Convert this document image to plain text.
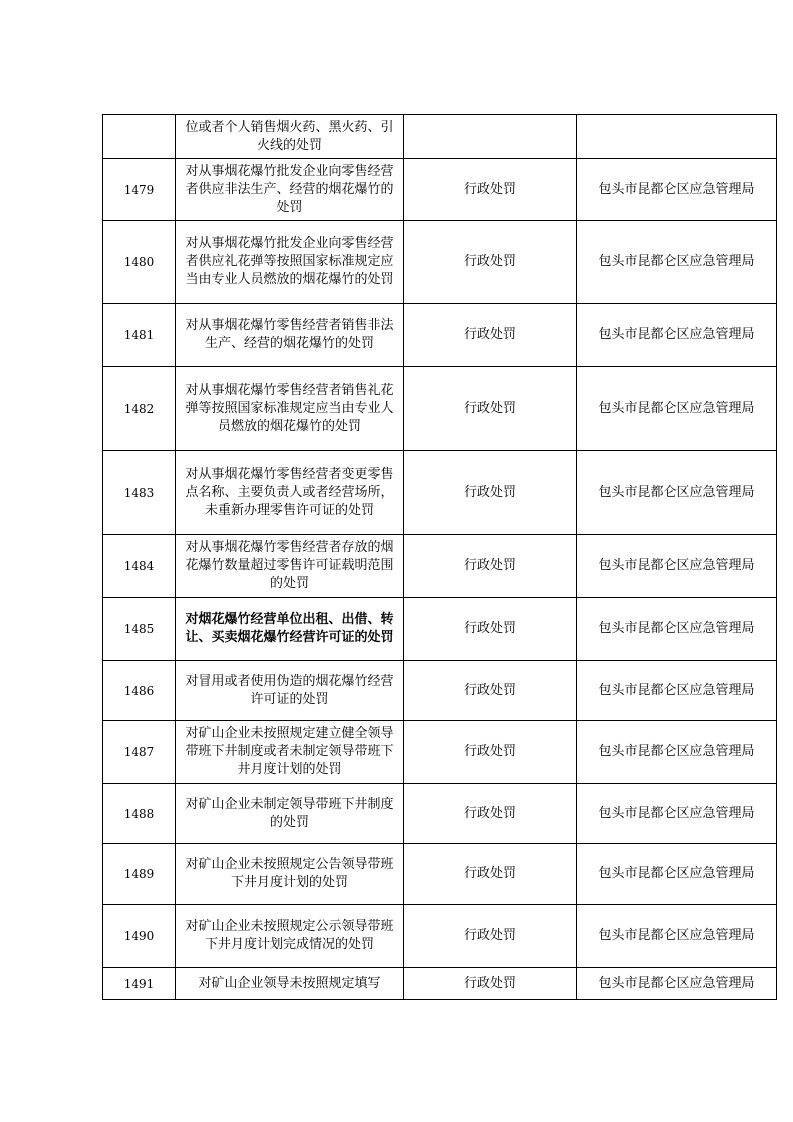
	位或者个人销售烟火药、黑火药、引火线的处罚		
1479	对从事烟花爆竹批发企业向零售经营者供应非法生产、经营的烟花爆竹的处罚	行政处罚	包头市昆都仑区应急管理局
1480	对从事烟花爆竹批发企业向零售经营者供应礼花弹等按照国家标准规定应当由专业人员燃放的烟花爆竹的处罚	行政处罚	包头市昆都仑区应急管理局
1481	对从事烟花爆竹零售经营者销售非法生产、经营的烟花爆竹的处罚	行政处罚	包头市昆都仑区应急管理局
1482	对从事烟花爆竹零售经营者销售礼花弹等按照国家标准规定应当由专业人员燃放的烟花爆竹的处罚	行政处罚	包头市昆都仑区应急管理局
1483	对从事烟花爆竹零售经营者变更零售点名称、主要负责人或者经营场所，未重新办理零售许可证的处罚	行政处罚	包头市昆都仑区应急管理局
1484	对从事烟花爆竹零售经营者存放的烟花爆竹数量超过零售许可证载明范围的处罚	行政处罚	包头市昆都仑区应急管理局
1485	对烟花爆竹经营单位出租、出借、转让、买卖烟花爆竹经营许可证的处罚	行政处罚	包头市昆都仑区应急管理局
1486	对冒用或者使用伪造的烟花爆竹经营许可证的处罚	行政处罚	包头市昆都仑区应急管理局
1487	对矿山企业未按照规定建立健全领导带班下井制度或者未制定领导带班下井月度计划的处罚	行政处罚	包头市昆都仑区应急管理局
1488	对矿山企业未制定领导带班下井制度的处罚	行政处罚	包头市昆都仑区应急管理局
1489	对矿山企业未按照规定公告领导带班下井月度计划的处罚	行政处罚	包头市昆都仑区应急管理局
1490	对矿山企业未按照规定公示领导带班下井月度计划完成情况的处罚	行政处罚	包头市昆都仑区应急管理局
1491	对矿山企业领导未按照规定填写	行政处罚	包头市昆都仑区应急管理局
